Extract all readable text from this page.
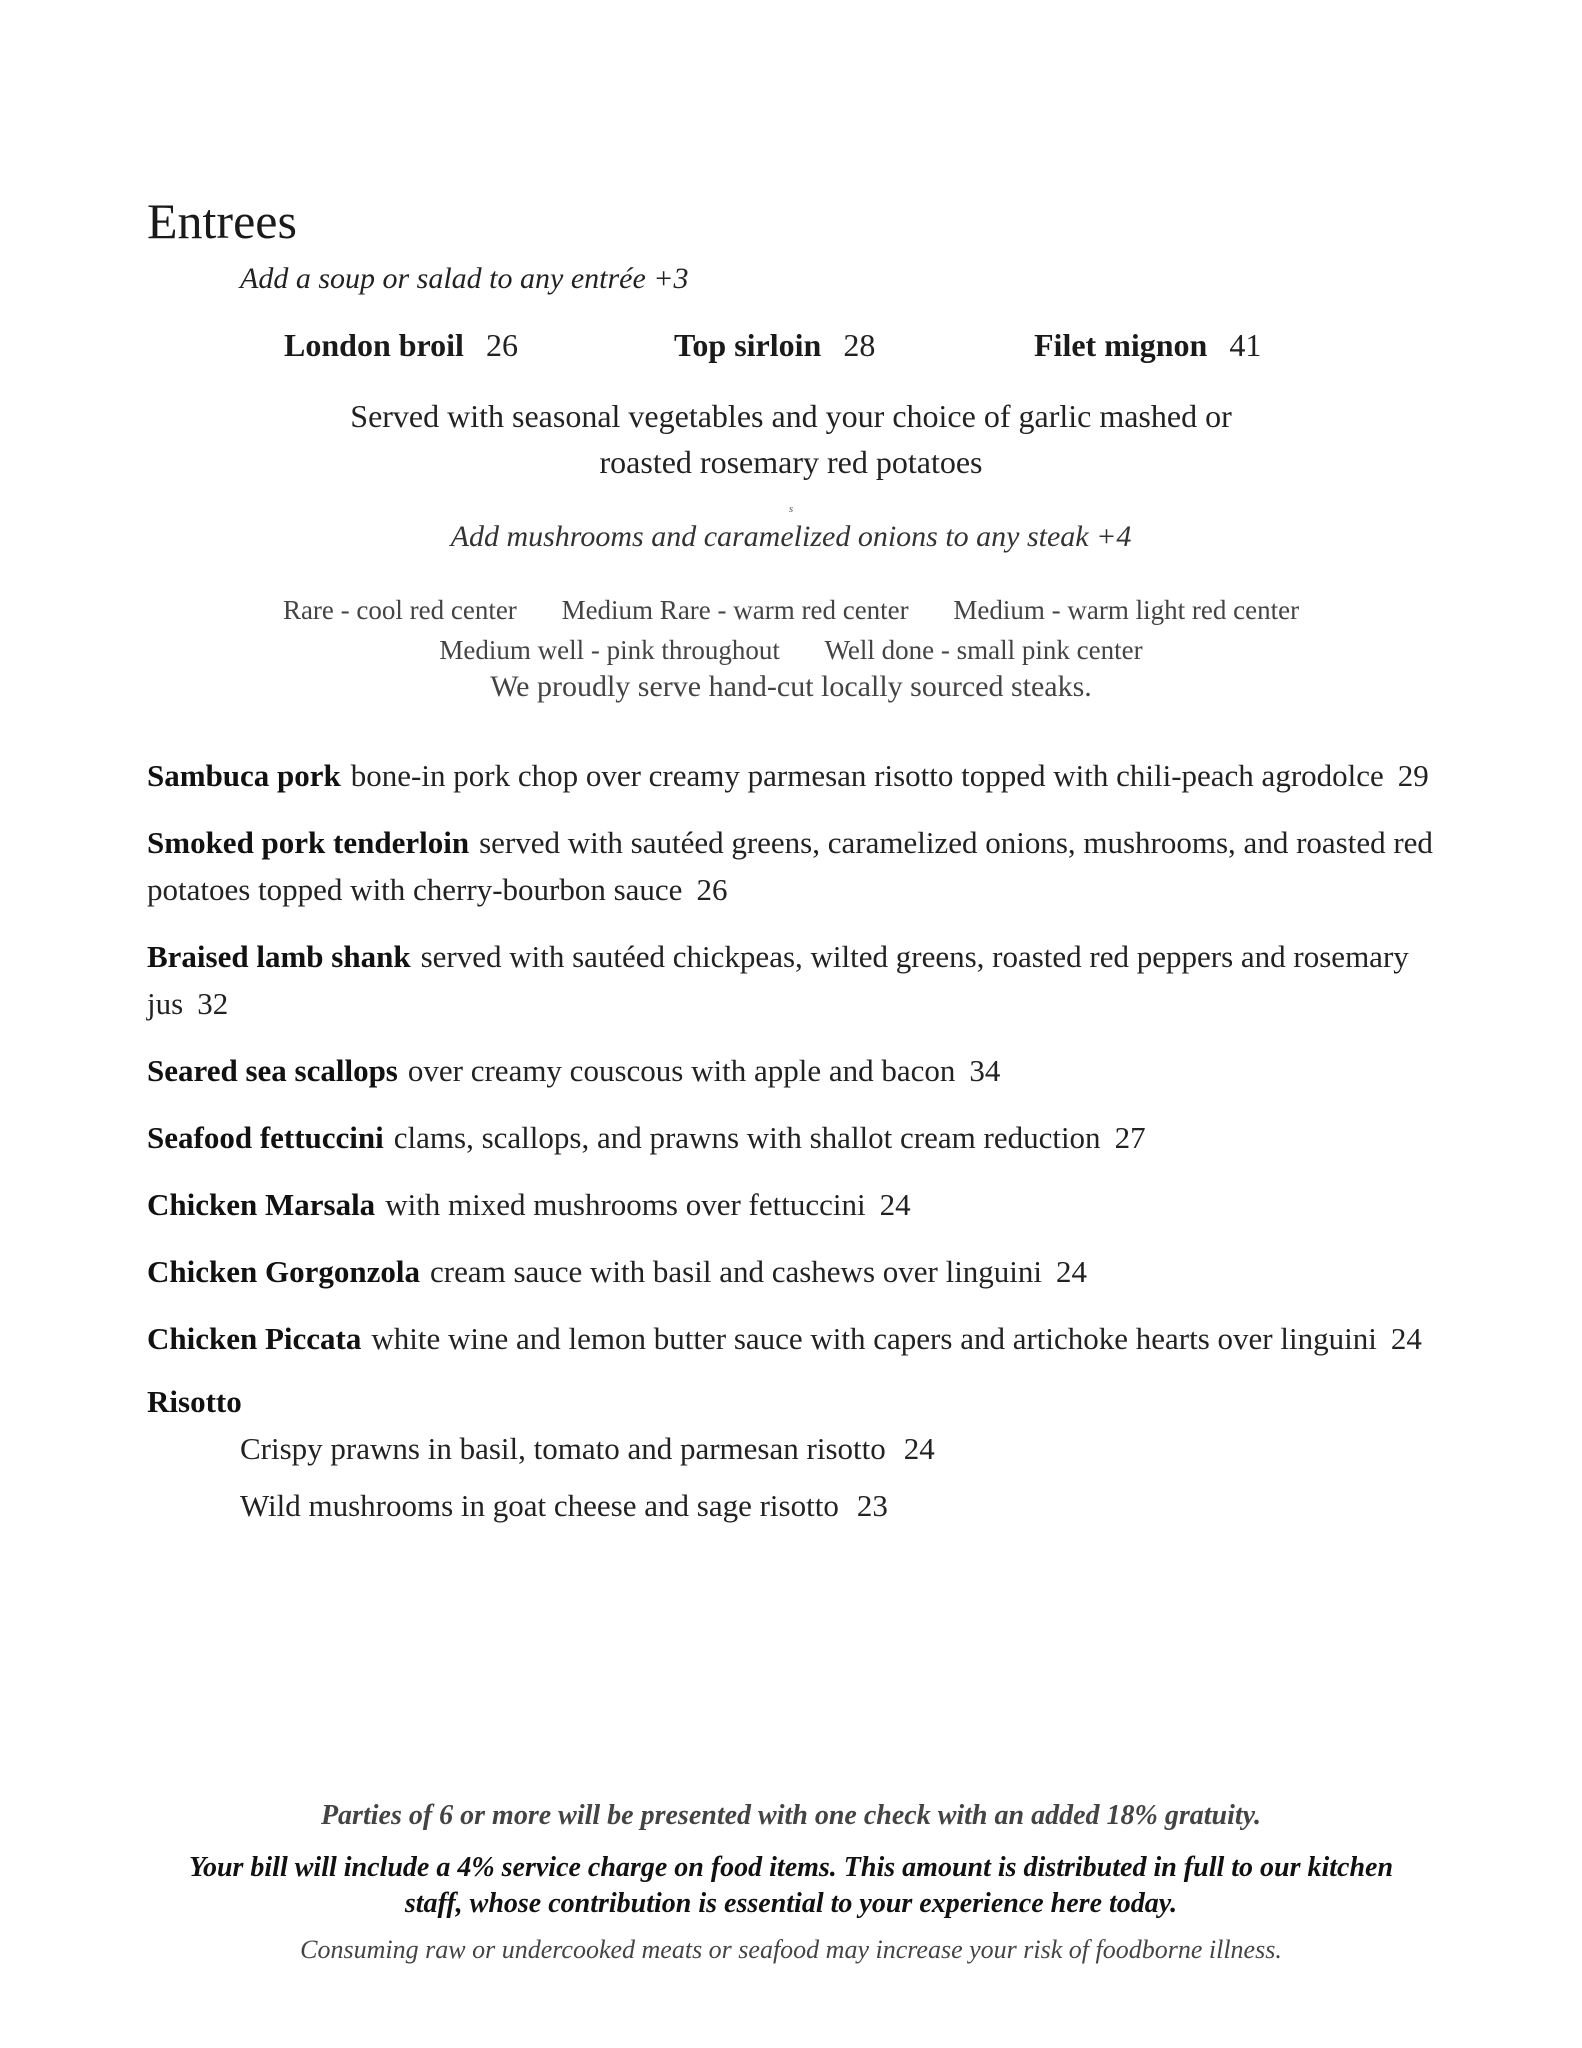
Entrees
Add a soup or salad to any entrée +3
London broil 26	Top sirloin 28	Filet mignon 41
Served with seasonal vegetables and your choice of garlic mashed or
roasted rosemary red potatoes
s
Add mushrooms and caramelized onions to any steak +4
Rare - cool red center Medium Rare - warm red center Medium - warm light red center
Medium well - pink throughout Well done - small pink center
We proudly serve hand-cut locally sourced steaks.
Sambuca pork bone-in pork chop over creamy parmesan risotto topped with chili-peach agrodolce 29
Smoked pork tenderloin served with sautéed greens, caramelized onions, mushrooms, and roasted red potatoes topped with cherry-bourbon sauce 26
Braised lamb shank served with sautéed chickpeas, wilted greens, roasted red peppers and rosemary jus 32
Seared sea scallops over creamy couscous with apple and bacon 34
Seafood fettuccini clams, scallops, and prawns with shallot cream reduction 27
Chicken Marsala with mixed mushrooms over fettuccini 24
Chicken Gorgonzola cream sauce with basil and cashews over linguini 24
Chicken Piccata white wine and lemon butter sauce with capers and artichoke hearts over linguini 24
Risotto
Crispy prawns in basil, tomato and parmesan risotto 24
Wild mushrooms in goat cheese and sage risotto 23
Parties of 6 or more will be presented with one check with an added 18% gratuity.
Your bill will include a 4% service charge on food items. This amount is distributed in full to our kitchen
staff, whose contribution is essential to your experience here today.
Consuming raw or undercooked meats or seafood may increase your risk of foodborne illness.
